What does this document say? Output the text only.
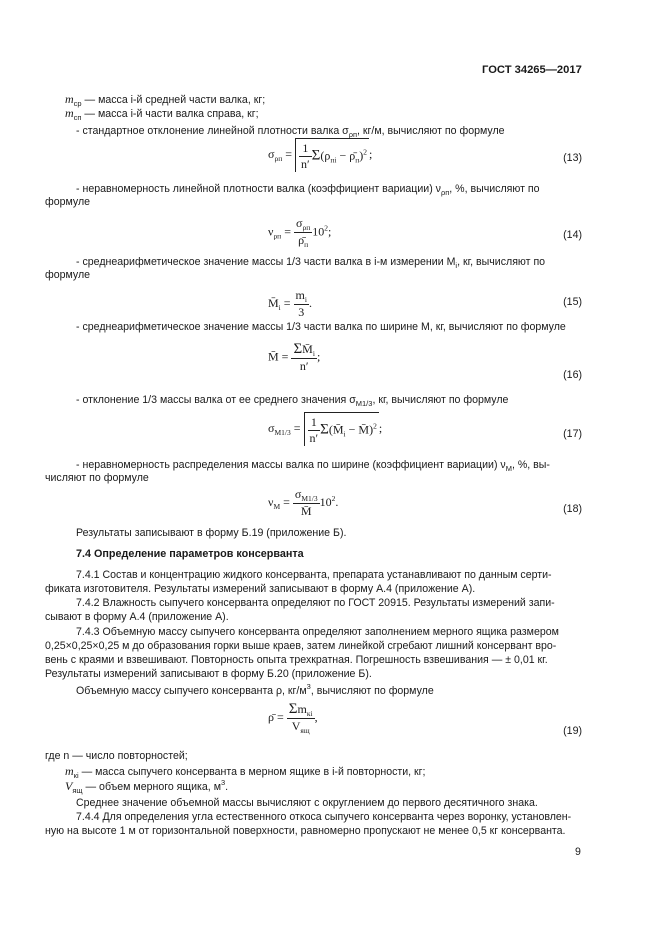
ГОСТ 34265—2017
$m_{ср}$ — масса i-й средней части валка, кг;
$m_{сп}$ — масса i-й части валка справа, кг;
- стандартное отклонение линейной плотности валка $\sigma_{\rho п}$, кг/м, вычисляют по формуле
$\sigma_{\rho п} = \frac{1}{n'} \Sigma(\rho_{пi}$ − $\rhō_п)^2$ ;	(13)
- неравномерность линейной плотности валка (коэффициент вариации) $\nu_{\rho п}$, %, вычисляют по
формуле
$\nu_{\rho п} = \frac{\sigma_{\rho п}}{\rhō_п} 10^2$;	(14)
- среднеарифметическое значение массы 1/3 части валка в i-м измерении $M_i$, кг, вычисляют по
формуле
$M̄_i = \frac{m_i}{3}$ .	(15)
- среднеарифметическое значение массы 1/3 части валка по ширине M, кг, вычисляют по формуле
M̄ = $\frac{\Sigma M̄_i}{n'}$ ;
(16)
- отклонение 1/3 массы валка от ее среднего значения $\sigma_{M1/3}$, кг, вычисляют по формуле
$\sigma_{M1/3} = \frac{1}{n'}$ $\Sigma(M̄_i$ − M̄)$^2$ ;	(17)
- неравномерность распределения массы валка по ширине (коэффициент вариации) $\nu_M$, %, вы-
числяют по формуле
$\nu_M = \frac{\sigma_{M1/3}}{M̄} 10^2$.
(18)
Результаты записывают в форму Б.19 (приложение Б).
7.4 Определение параметров консерванта
7.4.1 Состав и концентрацию жидкого консерванта, препарата устанавливают по данным серти-
фиката изготовителя. Результаты измерений записывают в форму А.4 (приложение А).
7.4.2 Влажность сыпучего консерванта определяют по ГОСТ 20915. Результаты измерений запи-
сывают в форму А.4 (приложение А).
7.4.3 Объемную массу сыпучего консерванта определяют заполнением мерного ящика размером
0,25×0,25×0,25 м до образования горки выше краев, затем линейкой сгребают лишний консервант вро-
вень с краями и взвешивают. Повторность опыта трехкратная. Погрешность взвешивания — ± 0,01 кг.
Результаты измерений записывают в форму Б.20 (приложение Б).
Объемную массу сыпучего консерванта ρ, $кг/м^3$, вычисляют по формуле
ρ̄ = $\frac{\Sigma m_{кi}}{V_{ящ}}$ ,
(19)
где n — число повторностей;
$m_{кi}$ — масса сыпучего консерванта в мерном ящике в i-й повторности, кг;
$V_{ящ}$ — объем мерного ящика, $м^3$.
Среднее значение объемной массы вычисляют с округлением до первого десятичного знака.
7.4.4 Для определения угла естественного откоса сыпучего консерванта через воронку, установлен-
ную на высоте 1 м от горизонтальной поверхности, равномерно пропускают не менее 0,5 кг консерванта.
9
